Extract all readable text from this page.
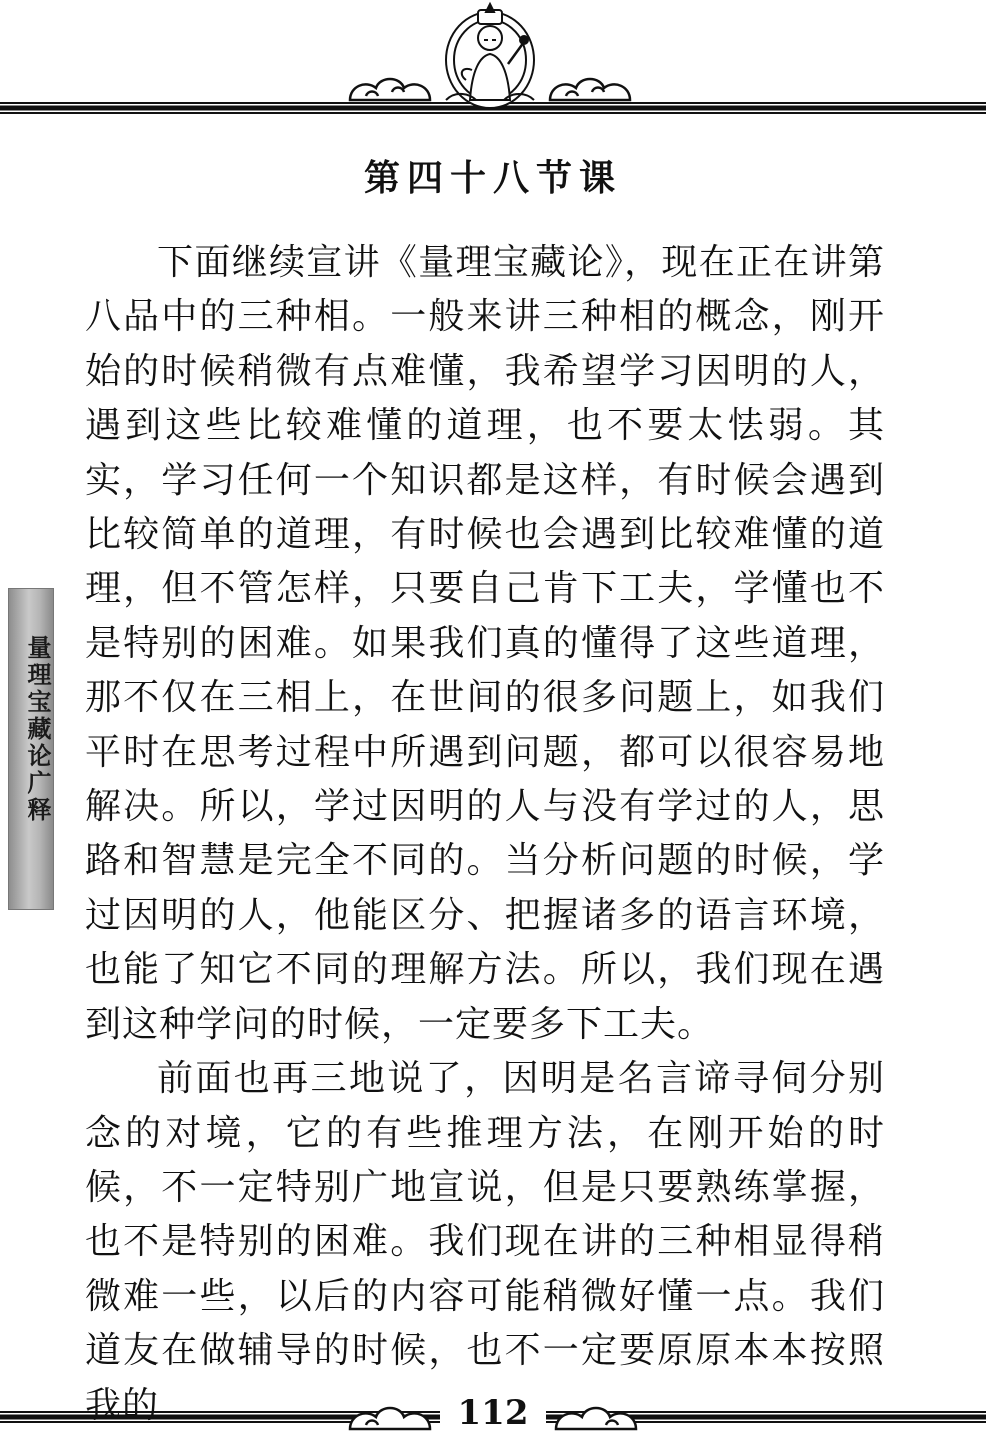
第四十八节课

下面继续宣讲《量理宝藏论》，现在正在讲第八品中的三种相。一般来讲三种相的概念，刚开始的时候稍微有点难懂，我希望学习因明的人，遇到这些比较难懂的道理，也不要太怯弱。其实，学习任何一个知识都是这样，有时候会遇到比较简单的道理，有时候也会遇到比较难懂的道理，但不管怎样，只要自己肯下工夫，学懂也不是特别的困难。如果我们真的懂得了这些道理，那不仅在三相上，在世间的很多问题上，如我们平时在思考过程中所遇到问题，都可以很容易地解决。所以，学过因明的人与没有学过的人，思路和智慧是完全不同的。当分析问题的时候，学过因明的人，他能区分、把握诸多的语言环境，也能了知它不同的理解方法。所以，我们现在遇到这种学问的时候，一定要多下工夫。

前面也再三地说了，因明是名言谛寻伺分别念的对境，它的有些推理方法，在刚开始的时候，不一定特别广地宣说，但是只要熟练掌握，也不是特别的困难。我们现在讲的三种相显得稍微难一些，以后的内容可能稍微好懂一点。我们道友在做辅导的时候，也不一定要原原本本按照我的

量理宝藏论广释
112
